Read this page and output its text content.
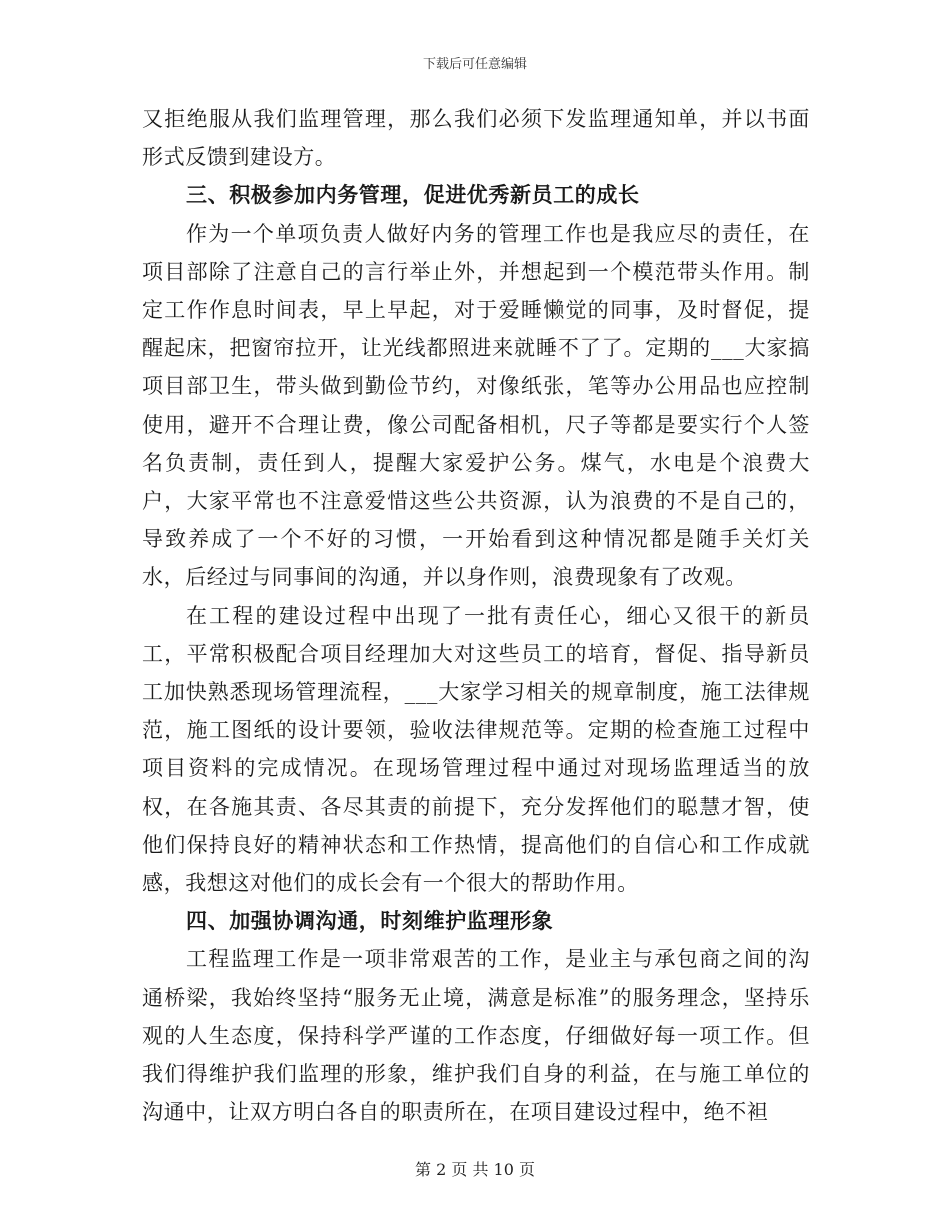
下载后可任意编辑

又拒绝服从我们监理管理，那么我们必须下发监理通知单，并以书面形式反馈到建设方。

三、积极参加内务管理，促进优秀新员工的成长

作为一个单项负责人做好内务的管理工作也是我应尽的责任，在项目部除了注意自己的言行举止外，并想起到一个模范带头作用。制定工作作息时间表，早上早起，对于爱睡懒觉的同事，及时督促，提醒起床，把窗帘拉开，让光线都照进来就睡不了了。定期的___大家搞项目部卫生，带头做到勤俭节约，对像纸张，笔等办公用品也应控制使用，避开不合理让费，像公司配备相机，尺子等都是要实行个人签名负责制，责任到人，提醒大家爱护公务。煤气，水电是个浪费大户，大家平常也不注意爱惜这些公共资源，认为浪费的不是自己的，导致养成了一个不好的习惯，一开始看到这种情况都是随手关灯关水，后经过与同事间的沟通，并以身作则，浪费现象有了改观。

在工程的建设过程中出现了一批有责任心，细心又很干的新员工，平常积极配合项目经理加大对这些员工的培育，督促、指导新员工加快熟悉现场管理流程，___大家学习相关的规章制度，施工法律规范，施工图纸的设计要领，验收法律规范等。定期的检查施工过程中项目资料的完成情况。在现场管理过程中通过对现场监理适当的放权，在各施其责、各尽其责的前提下，充分发挥他们的聪慧才智，使他们保持良好的精神状态和工作热情，提高他们的自信心和工作成就感，我想这对他们的成长会有一个很大的帮助作用。

四、加强协调沟通，时刻维护监理形象

工程监理工作是一项非常艰苦的工作，是业主与承包商之间的沟通桥梁，我始终坚持“服务无止境，满意是标准”的服务理念，坚持乐观的人生态度，保持科学严谨的工作态度，仔细做好每一项工作。但我们得维护我们监理的形象，维护我们自身的利益，在与施工单位的沟通中，让双方明白各自的职责所在，在项目建设过程中，绝不袒

第 2 页 共 10 页
